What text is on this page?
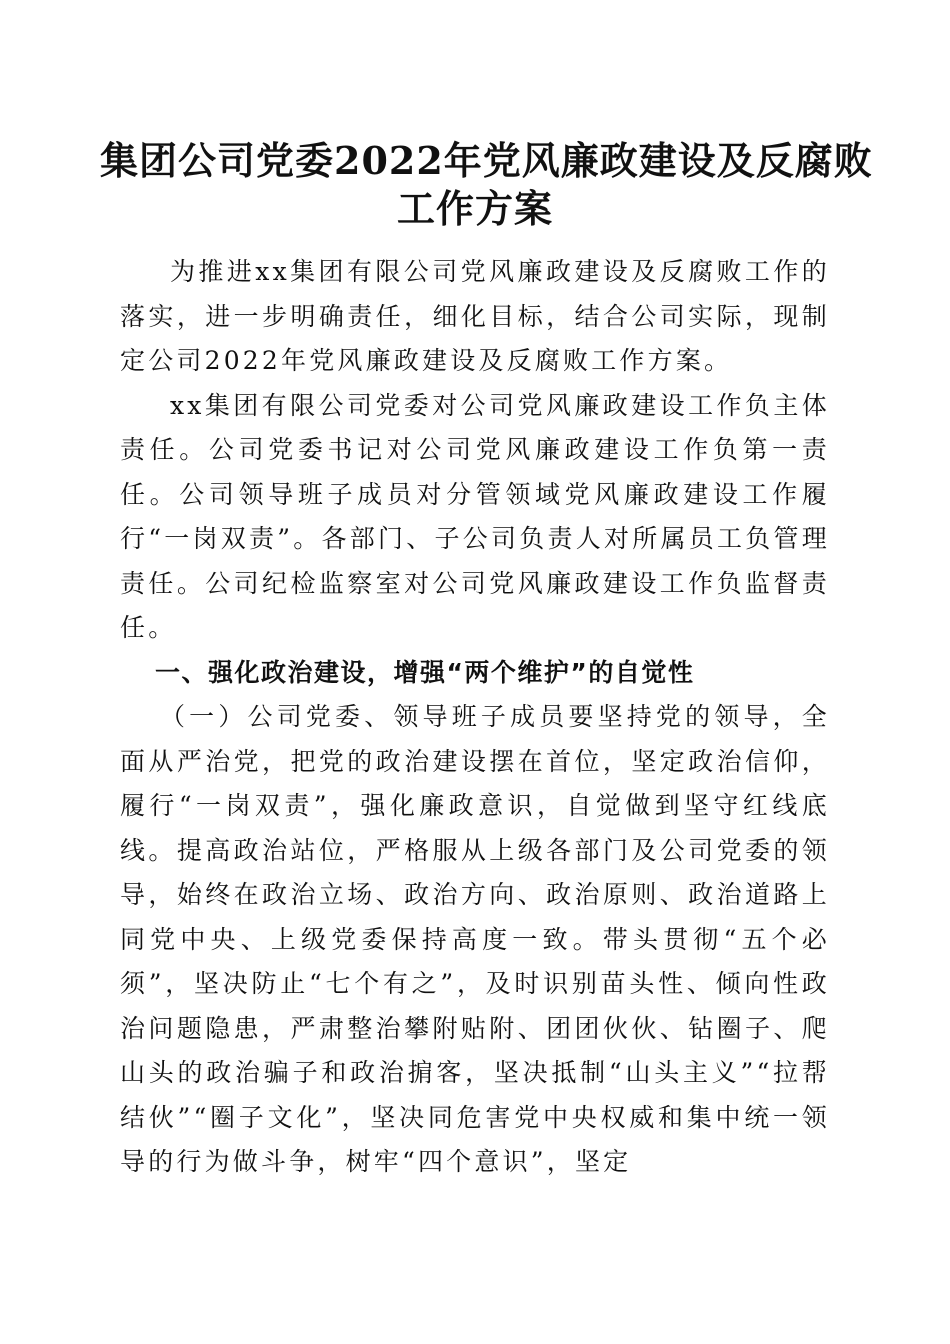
集团公司党委2022年党风廉政建设及反腐败
工作方案

为推进xx集团有限公司党风廉政建设及反腐败工作的落实，进一步明确责任，细化目标，结合公司实际，现制定公司2022年党风廉政建设及反腐败工作方案。

xx集团有限公司党委对公司党风廉政建设工作负主体责任。公司党委书记对公司党风廉政建设工作负第一责任。公司领导班子成员对分管领域党风廉政建设工作履行“一岗双责”。各部门、子公司负责人对所属员工负管理责任。公司纪检监察室对公司党风廉政建设工作负监督责任。

一、强化政治建设，增强“两个维护”的自觉性

（一）公司党委、领导班子成员要坚持党的领导，全面从严治党，把党的政治建设摆在首位，坚定政治信仰，履行“一岗双责”，强化廉政意识，自觉做到坚守红线底线。提高政治站位，严格服从上级各部门及公司党委的领导，始终在政治立场、政治方向、政治原则、政治道路上同党中央、上级党委保持高度一致。带头贯彻“五个必须”，坚决防止“七个有之”，及时识别苗头性、倾向性政治问题隐患，严肃整治攀附贴附、团团伙伙、钻圈子、爬山头的政治骗子和政治掮客，坚决抵制“山头主义”“拉帮结伙”“圈子文化”，坚决同危害党中央权威和集中统一领导的行为做斗争，树牢“四个意识”，坚定
